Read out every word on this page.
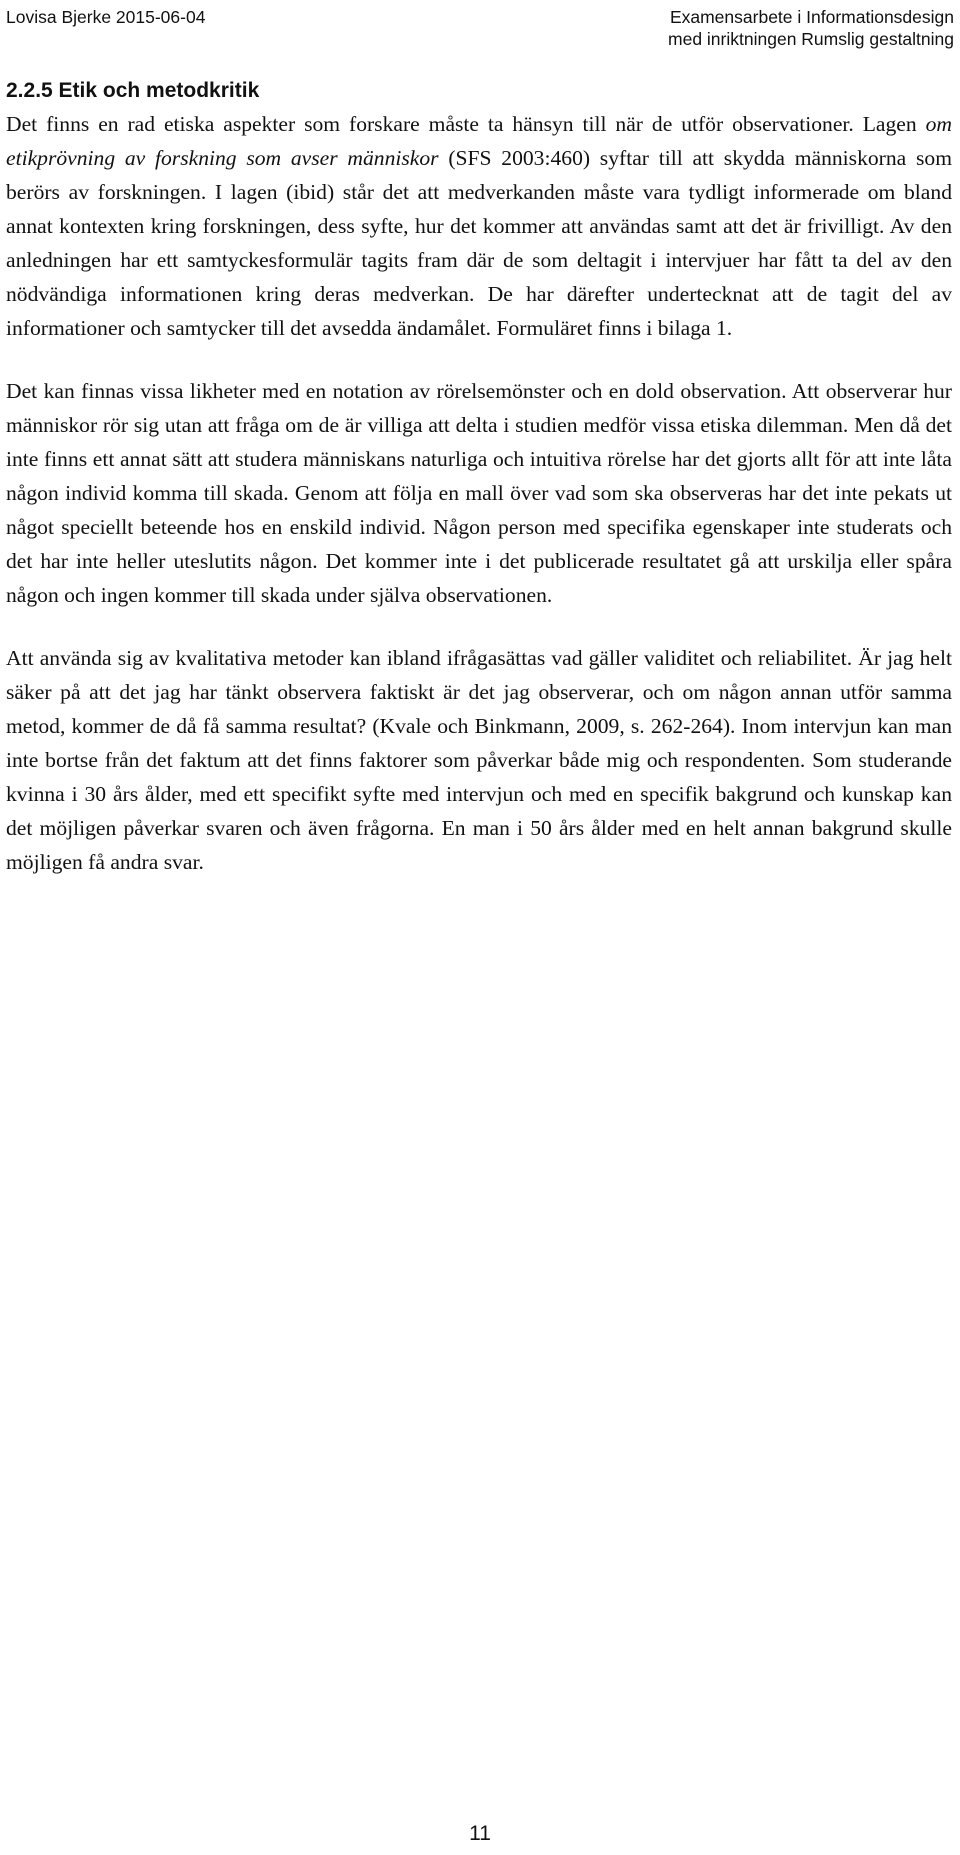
Lovisa Bjerke 2015-06-04	Examensarbete i Informationsdesign
med inriktningen Rumslig gestaltning
2.2.5 Etik och metodkritik

Det finns en rad etiska aspekter som forskare måste ta hänsyn till när de utför observationer. Lagen om etikprövning av forskning som avser människor (SFS 2003:460) syftar till att skydda människorna som berörs av forskningen. I lagen (ibid) står det att medverkanden måste vara tydligt informerade om bland annat kontexten kring forskningen, dess syfte, hur det kommer att användas samt att det är frivilligt. Av den anledningen har ett samtyckesformulär tagits fram där de som deltagit i intervjuer har fått ta del av den nödvändiga informationen kring deras medverkan. De har därefter undertecknat att de tagit del av informationer och samtycker till det avsedda ändamålet. Formuläret finns i bilaga 1.

Det kan finnas vissa likheter med en notation av rörelsemönster och en dold observation. Att observerar hur människor rör sig utan att fråga om de är villiga att delta i studien medför vissa etiska dilemman. Men då det inte finns ett annat sätt att studera människans naturliga och intuitiva rörelse har det gjorts allt för att inte låta någon individ komma till skada. Genom att följa en mall över vad som ska observeras har det inte pekats ut något speciellt beteende hos en enskild individ. Någon person med specifika egenskaper inte studerats och det har inte heller uteslutits någon. Det kommer inte i det publicerade resultatet gå att urskilja eller spåra någon och ingen kommer till skada under själva observationen.

Att använda sig av kvalitativa metoder kan ibland ifrågasättas vad gäller validitet och reliabilitet. Är jag helt säker på att det jag har tänkt observera faktiskt är det jag observerar, och om någon annan utför samma metod, kommer de då få samma resultat? (Kvale och Binkmann, 2009, s. 262-264). Inom intervjun kan man inte bortse från det faktum att det finns faktorer som påverkar både mig och respondenten. Som studerande kvinna i 30 års ålder, med ett specifikt syfte med intervjun och med en specifik bakgrund och kunskap kan det möjligen påverkar svaren och även frågorna. En man i 50 års ålder med en helt annan bakgrund skulle möjligen få andra svar.

11
